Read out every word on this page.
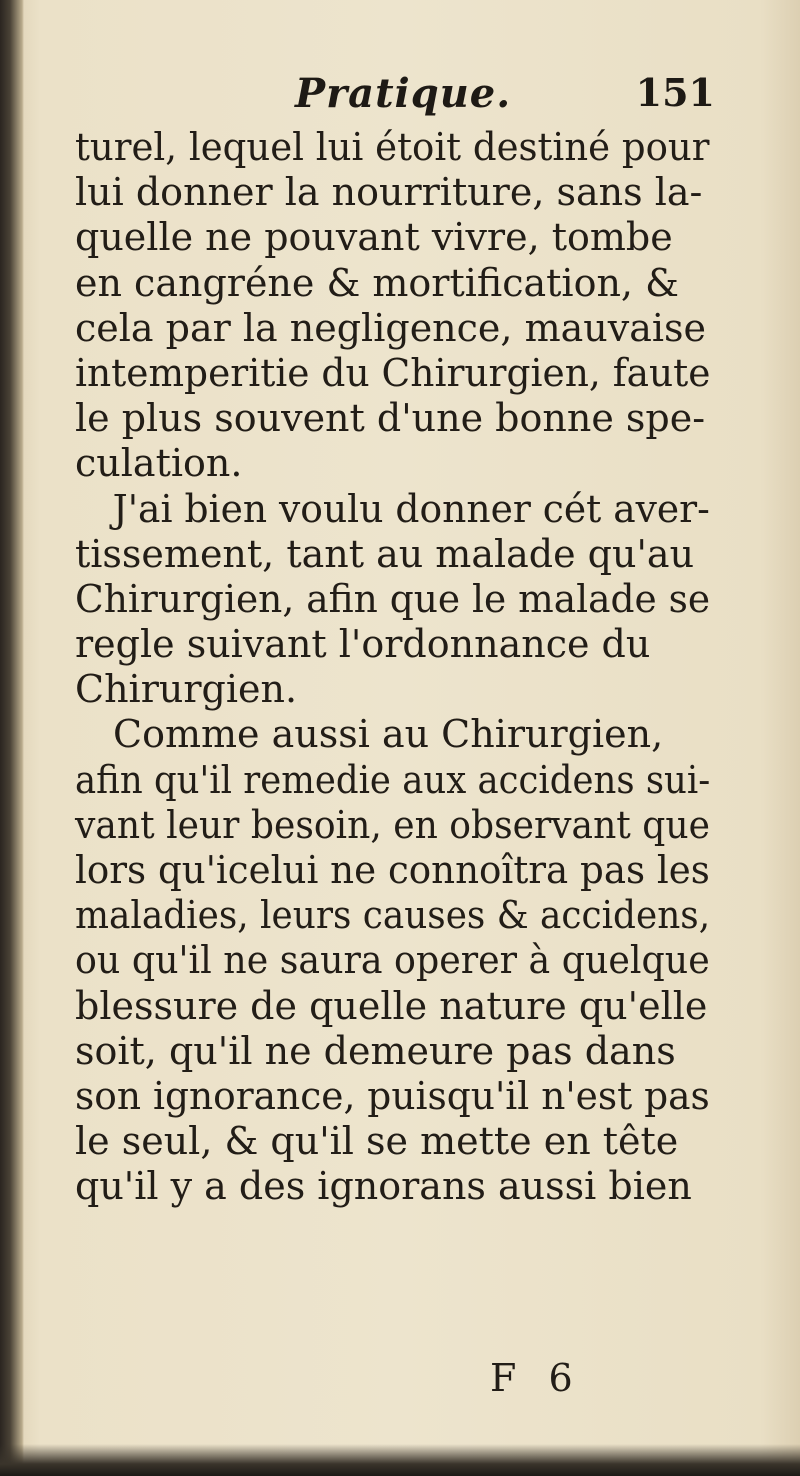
Pratique.	151
turel, lequel lui étoit destiné pour
lui donner la nourriture, sans la-
quelle ne pouvant vivre, tombe
en cangréne & mortification, &
cela par la negligence, mauvaise
intemperitie du Chirurgien, faute
le plus souvent d'une bonne spe-
culation.
J'ai bien voulu donner cét aver-
tissement, tant au malade qu'au
Chirurgien, afin que le malade se
regle suivant l'ordonnance du
Chirurgien.
Comme aussi au Chirurgien,
afin qu'il remedie aux accidens sui-
vant leur besoin, en observant que
lors qu'icelui ne connoîtra pas les
maladies, leurs causes & accidens,
ou qu'il ne saura operer à quelque
blessure de quelle nature qu'elle
soit, qu'il ne demeure pas dans
son ignorance, puisqu'il n'est pas
le seul, & qu'il se mette en tête
qu'il y a des ignorans aussi bien
F 6
